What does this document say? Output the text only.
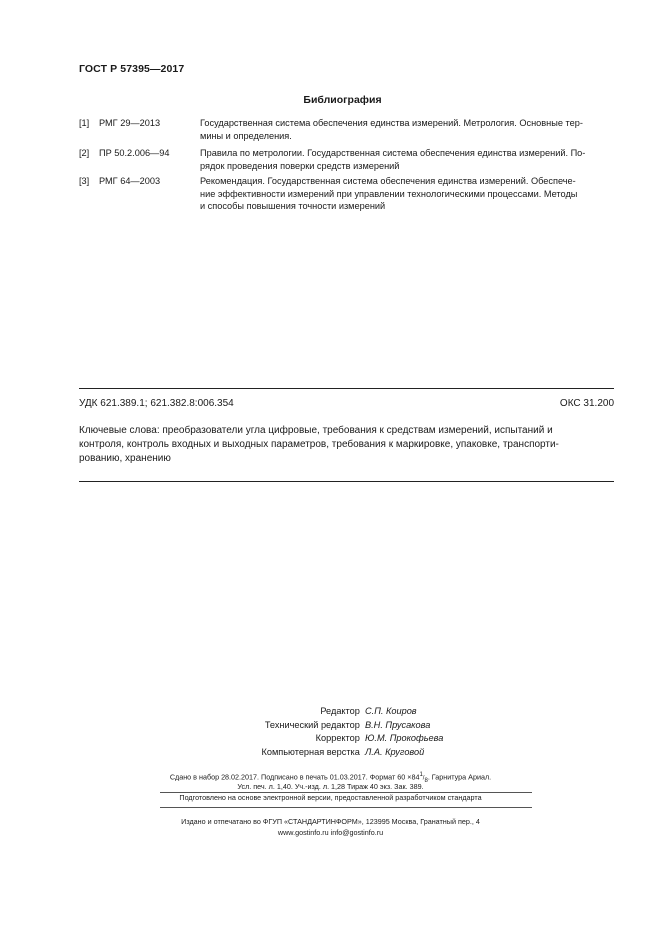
ГОСТ Р 57395—2017
Библиография
[1] РМГ 29—2013	Государственная система обеспечения единства измерений. Метрология. Основные тер-
мины и определения.
[2] ПР 50.2.006—94	Правила по метрологии. Государственная система обеспечения единства измерений. По-
рядок проведения поверки средств измерений
[3] РМГ 64—2003	Рекомендация. Государственная система обеспечения единства измерений. Обеспече-
ние эффективности измерений при управлении технологическими процессами. Методы
и способы повышения точности измерений
УДК 621.389.1; 621.382.8:006.354	ОКС 31.200
Ключевые слова: преобразователи угла цифровые, требования к средствам измерений, испытаний и
контроля, контроль входных и выходных параметров, требования к маркировке, упаковке, транспорти-
рованию, хранению
Редактор С.П. Кouров
Технический редактор В.Н. Прусакова
Корректор Ю.М. Прокофьева
Компьютерная верстка Л.А. Круговой
Сдано в набор 28.02.2017. Подписано в печать 01.03.2017. Формат $60 \times 84^1/_8$. Гарнитура Ариал.
Усл. печ. л. 1,40. Уч.-изд. л. 1,28 Тираж 40 экз. Зак. 389.
Подготовлено на основе электронной версии, предоставленной разработчиком стандарта
Издано и отпечатано во ФГУП «СТАНДАРТИНФОРМ», 123995 Москва, Гранатный пер., 4
www.gostinfo.ru info@gostinfo.ru
